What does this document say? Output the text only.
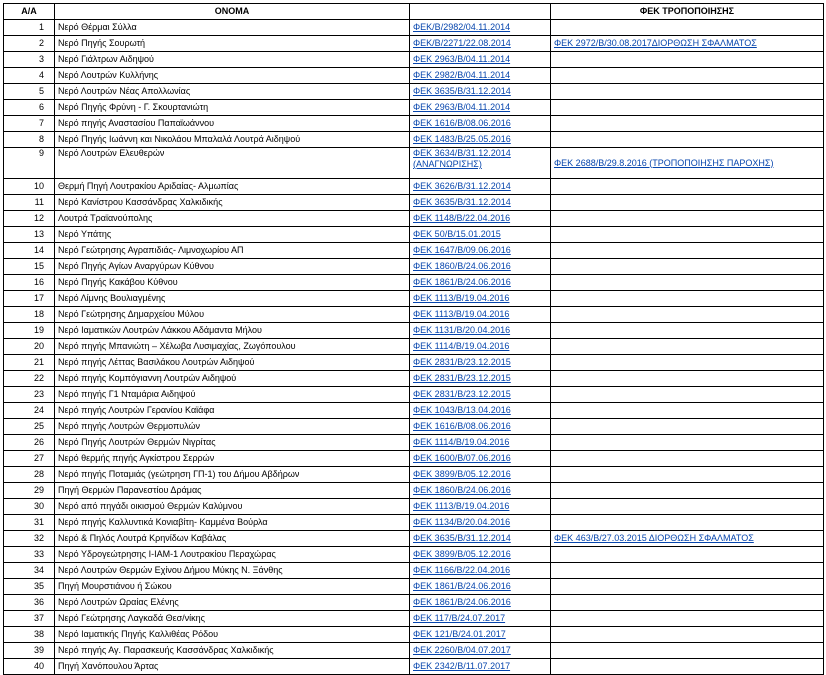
Α/Α	ΟΝΟΜΑ		ΦΕΚ ΤΡΟΠΟΠΟΙΗΣΗΣ
1	Νερό Θέρμαι Σύλλα	ΦΕΚ/Β/2982/04.11.2014	
2	Νερό Πηγής Σουρωτή	ΦΕΚ/Β/2271/22.08.2014	ΦΕΚ 2972/Β/30.08.2017ΔΙΟΡΘΩΣΗ ΣΦΑΛΜΑΤΟΣ
3	Νερό Γιάλτρων Αιδηψού	ΦΕΚ 2963/Β/04.11.2014	
4	Νερό Λουτρών Κυλλήνης	ΦΕΚ 2982/Β/04.11.2014	
5	Νερό Λουτρών Νέας Απολλωνίας	ΦΕΚ 3635/Β/31.12.2014	
6	Νερό Πηγής Φρύνη - Γ. Σκουρτανιώτη	ΦΕΚ 2963/Β/04.11.2014	
7	Νερό πηγής Αναστασίου Παπαϊωάννου	ΦΕΚ 1616/Β/08.06.2016	
8	Νερό Πηγής Ιωάννη και Νικολάου Μπαλαλά Λουτρά Αιδηψού	ΦΕΚ 1483/Β/25.05.2016	
9	Νερό Λουτρών Ελευθερών	ΦΕΚ 3634/Β/31.12.2014 (ΑΝΑΓΝΩΡΙΣΗΣ)	ΦΕΚ 2688/Β/29.8.2016 (ΤΡΟΠΟΠΟΙΗΣΗΣ ΠΑΡΟΧΗΣ)
10	Θερμή Πηγή Λουτρακίου Αριδαίας- Αλμωπίας	ΦΕΚ 3626/Β/31.12.2014	
11	Νερό Κανίστρου Κασσάνδρας Χαλκιδικής	ΦΕΚ 3635/Β/31.12.2014	
12	Λουτρά Τραϊανούπολης	ΦΕΚ 1148/Β/22.04.2016	
13	Νερό Υπάτης	ΦΕΚ 50/Β/15.01.2015	
14	Νερό Γεώτρησης Αγραπιδιάς- Λιμνοχωρίου ΑΠ	ΦΕΚ 1647/Β/09.06.2016	
15	Νερό Πηγής Αγίων Αναργύρων Κύθνου	ΦΕΚ 1860/Β/24.06.2016	
16	Νερό Πηγής Κακάβου Κύθνου	ΦΕΚ 1861/Β/24.06.2016	
17	Νερό Λίμνης Βουλιαγμένης	ΦΕΚ 1113/Β/19.04.2016	
18	Νερό Γεώτρησης Δημαρχείου Μύλου	ΦΕΚ 1113/Β/19.04.2016	
19	Νερό Ιαματικών Λουτρών Λάκκου Αδάμαντα Μήλου	ΦΕΚ 1131/Β/20.04.2016	
20	Νερό πηγής Μπανιώτη – Χέλωβα Λυσιμαχίας, Ζωγόπουλου	ΦΕΚ 1114/Β/19.04.2016	
21	Νερό πηγής Λέττας Βασιλάκου Λουτρών Αιδηψού	ΦΕΚ 2831/Β/23.12.2015	
22	Νερό πηγής Κομπόγιαννη Λουτρών Αιδηψού	ΦΕΚ 2831/Β/23.12.2015	
23	Νερό πηγής Γ1 Νταμάρια Αιδηψού	ΦΕΚ 2831/Β/23.12.2015	
24	Νερό πηγής Λουτρών Γερανίου Καϊάφα	ΦΕΚ 1043/Β/13.04.2016	
25	Νερό πηγής Λουτρών Θερμοπυλών	ΦΕΚ 1616/Β/08.06.2016	
26	Νερό Πηγής Λουτρών Θερμών Νιγρίτας	ΦΕΚ 1114/Β/19.04.2016	
27	Νερό θερμής πηγής Αγκίστρου Σερρών	ΦΕΚ 1600/Β/07.06.2016	
28	Νερό πηγής Ποταμιάς (γεώτρηση ΓΠ-1) του Δήμου Αβδήρων	ΦΕΚ 3899/Β/05.12.2016	
29	Πηγή Θερμών Παρανεστίου Δράμας	ΦΕΚ 1860/Β/24.06.2016	
30	Νερό από πηγάδι οικισμού Θερμών Καλύμνου	ΦΕΚ 1113/Β/19.04.2016	
31	Νερό πηγής Καλλυντικά Κονιαβίτη- Καμμένα Βούρλα	ΦΕΚ 1134/Β/20.04.2016	
32	Νερό & Πηλός Λουτρά Κρηνίδων Καβάλας	ΦΕΚ 3635/Β/31.12.2014	ΦΕΚ 463/Β/27.03.2015 ΔΙΟΡΘΩΣΗ ΣΦΑΛΜΑΤΟΣ
33	Νερό Υδρογεώτρησης Ι-ΙΑΜ-1 Λουτρακίου Περαχώρας	ΦΕΚ 3899/Β/05.12.2016	
34	Νερό Λουτρών Θερμών Εχίνου Δήμου Μύκης Ν. Ξάνθης	ΦΕΚ 1166/Β/22.04.2016	
35	Πηγή Μουρστιάνου ή Σώκου	ΦΕΚ 1861/Β/24.06.2016	
36	Νερό Λουτρών Ωραίας Ελένης	ΦΕΚ 1861/Β/24.06.2016	
37	Νερό Γεώτρησης Λαγκαδά Θεσ/νίκης	ΦΕΚ 117/Β/24.07.2017	
38	Νερό Ιαματικής Πηγής Καλλιθέας Ρόδου	ΦΕΚ 121/Β/24.01.2017	
39	Νερό πηγής Αγ. Παρασκευής Κασσάνδρας Χαλκιδικής	ΦΕΚ 2260/Β/04.07.2017	
40	Πηγή Χανόπουλου Άρτας	ΦΕΚ 2342/Β/11.07.2017	
